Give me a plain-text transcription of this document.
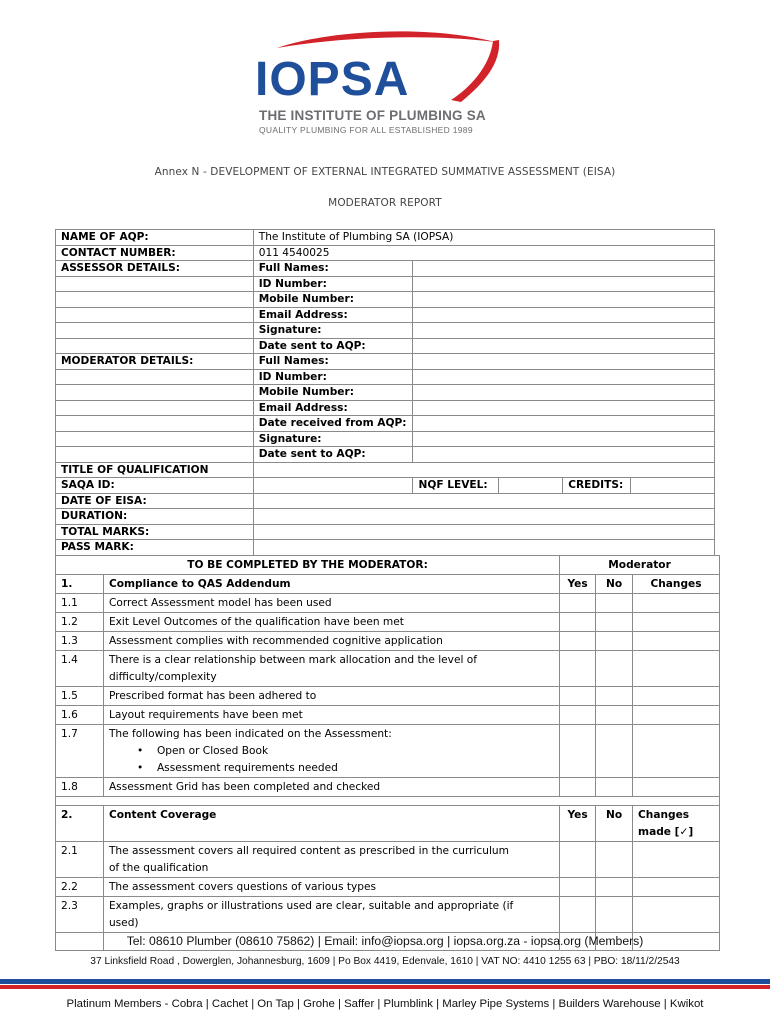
IOPSA
THE INSTITUTE OF PLUMBING SA
QUALITY PLUMBING FOR ALL ESTABLISHED 1989
Annex N - DEVELOPMENT OF EXTERNAL INTEGRATED SUMMATIVE ASSESSMENT (EISA)
MODERATOR REPORT
NAME OF AQP:	The Institute of Plumbing SA (IOPSA)				
CONTACT NUMBER:	011 4540025				
ASSESSOR DETAILS:	Full Names:				
	ID Number:				
	Mobile Number:				
	Email Address:				
	Signature:				
	Date sent to AQP:				
MODERATOR DETAILS:	Full Names:				
	ID Number:				
	Mobile Number:				
	Email Address:				
	Date received from AQP:				
	Signature:				
	Date sent to AQP:				
TITLE OF QUALIFICATION					
SAQA ID:		NQF LEVEL:		CREDITS:	
DATE OF EISA:					
DURATION:					
TOTAL MARKS:					
PASS MARK:					
TO BE COMPLETED BY THE MODERATOR:		Moderator		
1.	Compliance to QAS Addendum	Yes	No	Changes
1.1	Correct Assessment model has been used			
1.2	Exit Level Outcomes of the qualification have been met			
1.3	Assessment complies with recommended cognitive application			
1.4	There is a clear relationship between mark allocation and the level of
difficulty/complexity			
1.5	Prescribed format has been adhered to			
1.6	Layout requirements have been met			
1.7	The following has been indicated on the Assessment:
• Open or Closed Book
• Assessment requirements needed			
1.8	Assessment Grid has been completed and checked			

2.	Content Coverage	Yes	No	Changes
made [✓]
2.1	The assessment covers all required content as prescribed in the curriculum
of the qualification			
2.2	The assessment covers questions of various types			
2.3	Examples, graphs or illustrations used are clear, suitable and appropriate (if
used)			

Tel: 08610 Plumber (08610 75862) | Email: info@iopsa.org | iopsa.org.za - iopsa.org (Members)
37 Linksfield Road , Dowerglen, Johannesburg, 1609 | Po Box 4419, Edenvale, 1610 | VAT NO: 4410 1255 63 | PBO: 18/11/2/2543
Platinum Members - Cobra | Cachet | On Tap | Grohe | Saffer | Plumblink | Marley Pipe Systems | Builders Warehouse | Kwikot
